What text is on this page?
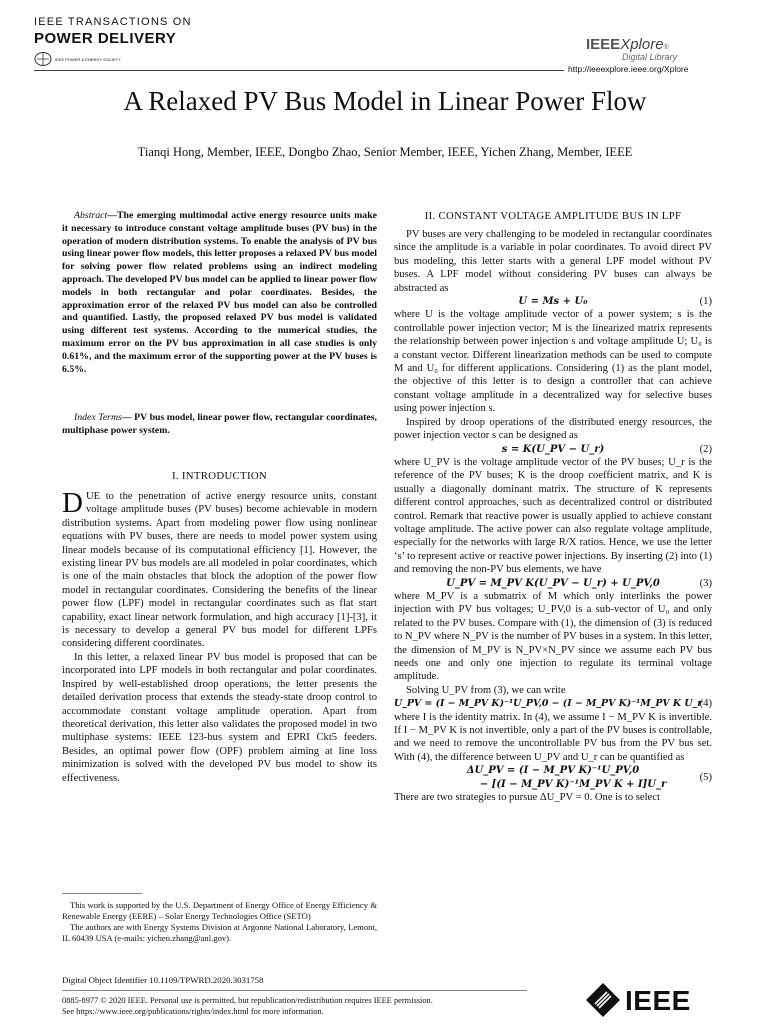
IEEE TRANSACTIONS ON
POWER DELIVERY
IEEE POWER & ENERGY SOCIETY
IEEEXplore®
Digital Library
http://ieeexplore.ieee.org/Xplore
A Relaxed PV Bus Model in Linear Power Flow
Tianqi Hong, Member, IEEE, Dongbo Zhao, Senior Member, IEEE, Yichen Zhang, Member, IEEE

Abstract—The emerging multimodal active energy resource units make it necessary to introduce constant voltage amplitude buses (PV bus) in the operation of modern distribution systems. To enable the analysis of PV bus using linear power flow models, this letter proposes a relaxed PV bus model for solving power flow related problems using an indirect modeling approach. The developed PV bus model can be applied to linear power flow models in both rectangular and polar coordinates. Besides, the approximation error of the relaxed PV bus model can also be controlled and quantified. Lastly, the proposed relaxed PV bus model is validated using different test systems. According to the numerical studies, the maximum error on the PV bus approximation in all case studies is only 0.61%, and the maximum error of the supporting power at the PV buses is 6.5%.

Index Terms— PV bus model, linear power flow, rectangular coordinates, multiphase power system.

I. INTRODUCTION

DUE to the penetration of active energy resource units, constant voltage amplitude buses (PV buses) become achievable in modern distribution systems. Apart from modeling power flow using nonlinear equations with PV buses, there are needs to model power system using linear models because of its computational efficiency [1]. However, the existing linear PV bus models are all modeled in polar coordinates, which is one of the main obstacles that block the adoption of the power flow model in rectangular coordinates. Considering the benefits of the linear power flow (LPF) model in rectangular coordinates such as flat start capability, exact linear network formulation, and high accuracy [1]-[3], it is necessary to develop a general PV bus model for different LPFs considering different coordinates.

In this letter, a relaxed linear PV bus model is proposed that can be incorporated into LPF models in both rectangular and polar coordinates. Inspired by well-established droop operations, the letter presents the detailed derivation process that extends the steady-state droop control to accommodate constant voltage amplitude operation. Apart from theoretical derivation, this letter also validates the proposed model in two multiphase systems: IEEE 123-bus system and EPRI Ckt5 feeders. Besides, an optimal power flow (OPF) problem aiming at line loss minimization is solved with the developed PV bus model to show its effectiveness.

This work is supported by the U.S. Department of Energy Office of Energy Efficiency & Renewable Energy (EERE) – Solar Energy Technologies Office (SETO)

The authors are with Energy Systems Division at Argonne National Laboratory, Lemont, IL 60439 USA (e-mails: yichen.zhang@anl.gov).

II. CONSTANT VOLTAGE AMPLITUDE BUS IN LPF

PV buses are very challenging to be modeled in rectangular coordinates since the amplitude is a variable in polar coordinates. To avoid direct PV bus modeling, this letter starts with a general LPF model without PV buses. A LPF model without considering PV buses can always be abstracted as

U = Ms + U₀	(1)

where U is the voltage amplitude vector of a power system; s is the controllable power injection vector; M is the linearized matrix represents the relationship between power injection s and voltage amplitude U; U₀ is a constant vector. Different linearization methods can be used to compute M and U₀ for different applications. Considering (1) as the plant model, the objective of this letter is to design a controller that can achieve constant voltage amplitude in a decentralized way for selective buses using power injection s.

Inspired by droop operations of the distributed energy resources, the power injection vector s can be designed as

s = K(U_PV − U_r)	(2)

where U_PV is the voltage amplitude vector of the PV buses; U_r is the reference of the PV buses; K is the droop coefficient matrix, and K is usually a diagonally dominant matrix. The structure of K represents different control approaches, such as decentralized control or distributed control. Remark that reactive power is usually applied to achieve constant voltage amplitude. The active power can also regulate voltage amplitude, especially for the networks with large R/X ratios. Hence, we use the letter ‘s’ to represent active or reactive power injections. By inserting (2) into (1) and removing the non-PV bus elements, we have

U_PV = M_PV K(U_PV − U_r) + U_PV,0	(3)

where M_PV is a submatrix of M which only interlinks the power injection with PV bus voltages; U_PV,0 is a sub-vector of U₀ and only related to the PV buses. Compare with (1), the dimension of (3) is reduced to N_PV where N_PV is the number of PV buses in a system. In this letter, the dimension of M_PV is N_PV×N_PV since we assume each PV bus needs one and only one injection to regulate its terminal voltage amplitude.

Solving U_PV from (3), we can write

U_PV = (I − M_PV K)⁻¹U_PV,0 − (I − M_PV K)⁻¹M_PV K U_r
(4)

where I is the identity matrix. In (4), we assume I − M_PV K is invertible. If I − M_PV K is not invertible, only a part of the PV buses is controllable, and we need to remove the uncontrollable PV bus from the PV bus set. With (4), the difference between U_PV and U_r can be quantified as

ΔU_PV = (I − M_PV K)⁻¹U_PV,0
− [(I − M_PV K)⁻¹M_PV K + I]U_r
(5)

There are two strategies to pursue ΔU_PV = 0. One is to select

Digital Object Identifier 10.1109/TPWRD.2020.3031758
0885-8977 © 2020 IEEE. Personal use is permitted, but republication/redistribution requires IEEE permission.
See https://www.ieee.org/publications/rights/index.html for more information.	IEEE
